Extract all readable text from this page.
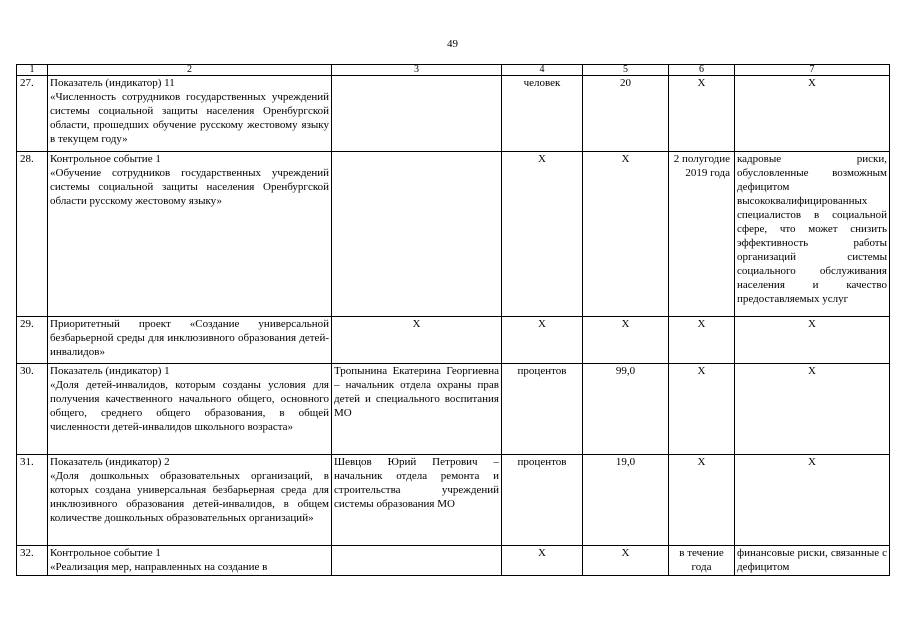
49
1	2	3	4	5	6	7
27.	Показатель (индикатор) 11
«Численность сотрудников государственных учреждений системы социальной защиты населения Оренбургской области, прошедших обучение русскому жестовому языку в текущем году»		человек	20	X	X
28.	Контрольное событие 1
«Обучение сотрудников государственных учреждений системы социальной защиты населения Оренбургской области русскому жестовому языку»		X	X	2 полугодие 2019 года	кадровые риски, обусловленные возможным дефицитом высококвалифицированных специалистов в социальной сфере, что может снизить эффективность работы организаций системы социального обслуживания населения и качество предоставляемых услуг
29.	Приоритетный проект «Создание универсальной безбарьерной среды для инклюзивного образования детей-инвалидов»	X	X	X	X	X
30.	Показатель (индикатор) 1
«Доля детей-инвалидов, которым созданы условия для получения качественного начального общего, основного общего, среднего общего образования, в общей численности детей-инвалидов школьного возраста»	Тропынина Екатерина Георгиевна – начальник отдела охраны прав детей и специального воспитания МО	процентов	99,0	X	X
31.	Показатель (индикатор) 2
«Доля дошкольных образовательных организаций, в которых создана универсальная безбарьерная среда для инклюзивного образования детей-инвалидов, в общем количестве дошкольных образовательных организаций»	Шевцов Юрий Петрович – начальник отдела ремонта и строительства учреждений системы образования МО	процентов	19,0	X	X
32.	Контрольное событие 1
«Реализация мер, направленных на создание в		X	X	в течение года	финансовые риски, связанные с дефицитом
